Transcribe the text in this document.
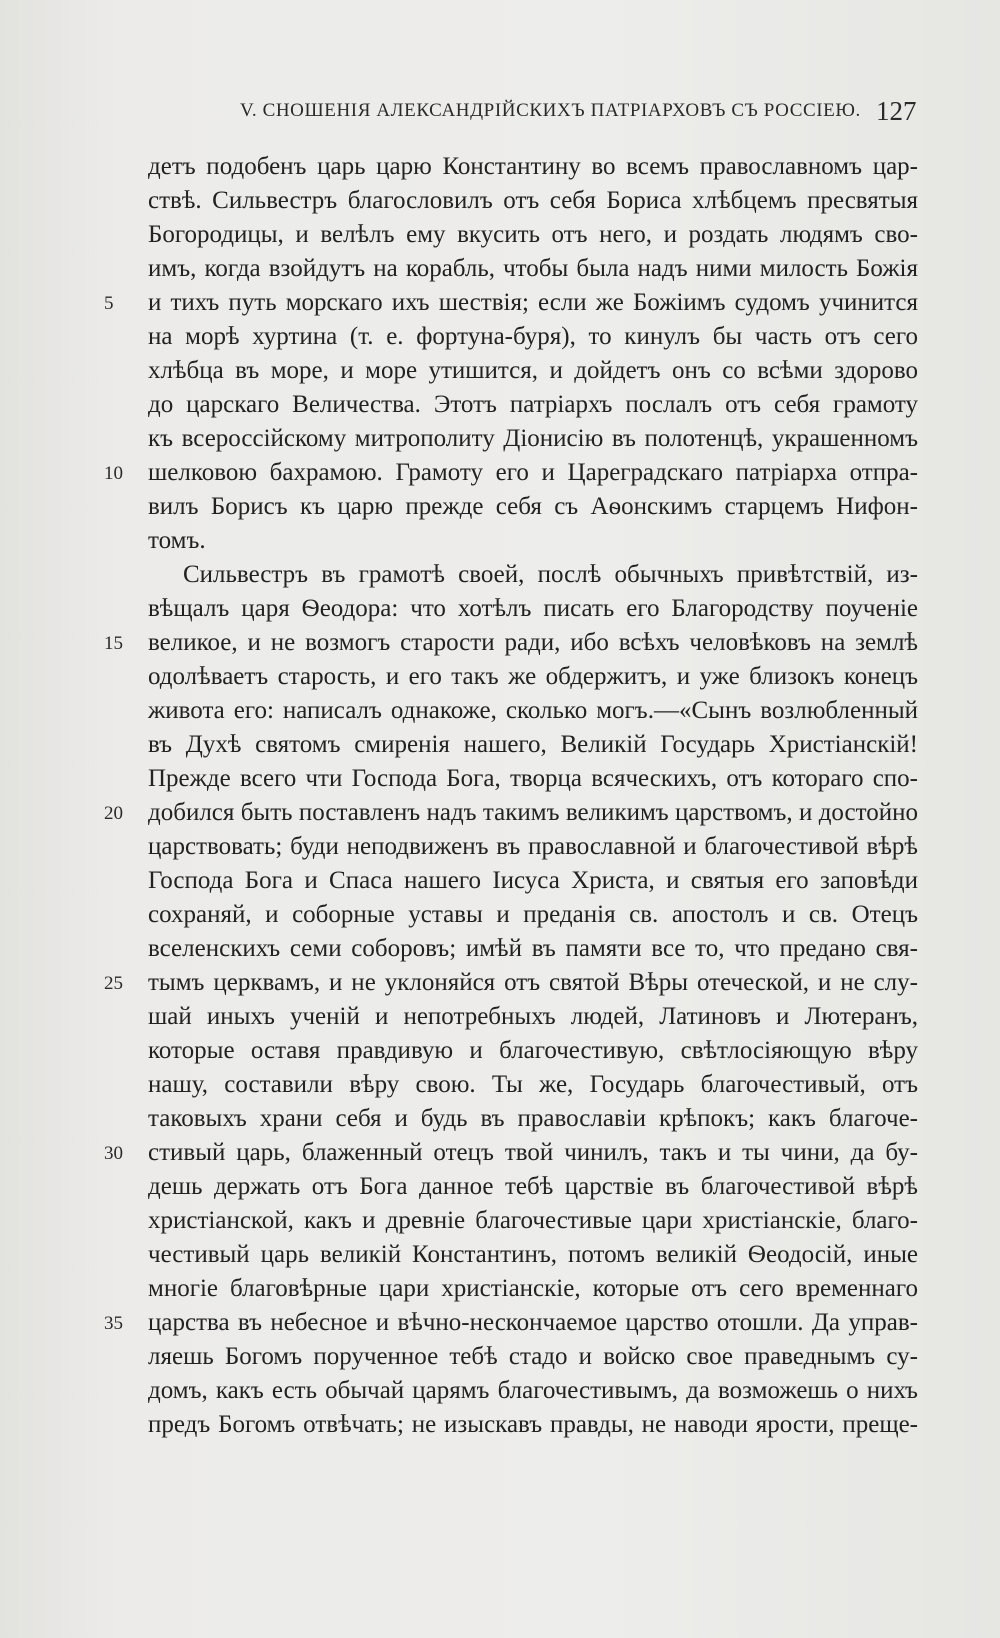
V. СНОШЕНІЯ АЛЕКСАНДРІЙСКИХЪ ПАТРІАРХОВЪ СЪ РОССІЕЮ. 127
детъ подобенъ царь царю Константину во всемъ православномъ цар-
ствѣ. Сильвестръ благословилъ отъ себя Бориса хлѣбцемъ пресвятыя
Богородицы, и велѣлъ ему вкусить отъ него, и роздать людямъ сво-
имъ, когда взойдутъ на корабль, чтобы была надъ ними милость Божія
5	и тихъ путь морскаго ихъ шествія; если же Божіимъ судомъ учинится
на морѣ хуртина (т. е. фортуна-буря), то кинулъ бы часть отъ сего
хлѣбца въ море, и море утишится, и дойдетъ онъ со всѣми здорово
до царскаго Величества. Этотъ патріархъ послалъ отъ себя грамоту
къ всероссійскому митрополиту Діонисію въ полотенцѣ, украшенномъ
10	шелковою бахрамою. Грамоту его и Цареградскаго патріарха отпра-
вилъ Борисъ къ царю прежде себя съ Аѳонскимъ старцемъ Нифон-
томъ.
Сильвестръ въ грамотѣ своей, послѣ обычныхъ привѣтствій, из-
вѣщалъ царя Ѳеодора: что хотѣлъ писать его Благородству поученіе
15	великое, и не возмогъ старости ради, ибо всѣхъ человѣковъ на землѣ
одолѣваетъ старость, и его такъ же обдержитъ, и уже близокъ конецъ
живота его: написалъ однакоже, сколько могъ.—«Сынъ возлюбленный
въ Духѣ святомъ смиренія нашего, Великій Государь Христіанскій!
Прежде всего чти Господа Бога, творца всяческихъ, отъ котораго спо-
20	добился быть поставленъ надъ такимъ великимъ царствомъ, и достойно
царствовать; буди неподвиженъ въ православной и благочестивой вѣрѣ
Господа Бога и Спаса нашего Іисуса Христа, и святыя его заповѣди
сохраняй, и соборные уставы и преданія св. апостолъ и св. Отецъ
вселенскихъ семи соборовъ; имѣй въ памяти все то, что предано свя-
25	тымъ церквамъ, и не уклоняйся отъ святой Вѣры отеческой, и не слу-
шай иныхъ ученій и непотребныхъ людей, Латиновъ и Лютеранъ,
которые оставя правдивую и благочестивую, свѣтлосіяющую вѣру
нашу, составили вѣру свою. Ты же, Государь благочестивый, отъ
таковыхъ храни себя и будь въ православіи крѣпокъ; какъ благоче-
30	стивый царь, блаженный отецъ твой чинилъ, такъ и ты чини, да бу-
дешь держать отъ Бога данное тебѣ царствіе въ благочестивой вѣрѣ
христіанской, какъ и древніе благочестивые цари христіанскіе, благо-
честивый царь великій Константинъ, потомъ великій Ѳеодосій, иные
многіе благовѣрные цари христіанскіе, которые отъ сего временнаго
35	царства въ небесное и вѣчно-нескончаемое царство отошли. Да управ-
ляешь Богомъ порученное тебѣ стадо и войско свое праведнымъ су-
домъ, какъ есть обычай царямъ благочестивымъ, да возможешь о нихъ
предъ Богомъ отвѣчать; не изыскавъ правды, не наводи ярости, преще-
